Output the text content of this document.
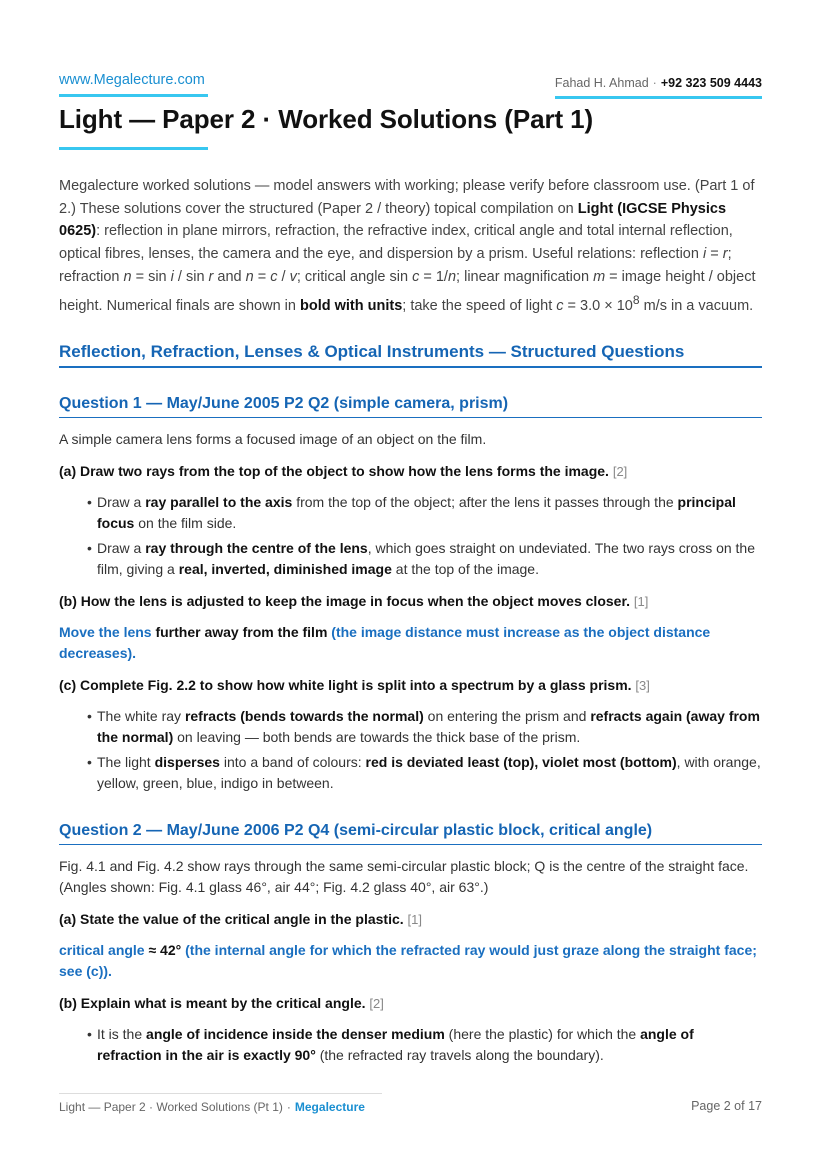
www.Megalecture.com	Fahad H. Ahmad · +92 323 509 4443
Light — Paper 2 · Worked Solutions (Part 1)

Megalecture worked solutions — model answers with working; please verify before classroom use. (Part 1 of 2.) These solutions cover the structured (Paper 2 / theory) topical compilation on Light (IGCSE Physics 0625): reflection in plane mirrors, refraction, the refractive index, critical angle and total internal reflection, optical fibres, lenses, the camera and the eye, and dispersion by a prism. Useful relations: reflection i = r; refraction n = sin i / sin r and n = c / v; critical angle sin c = 1/n; linear magnification m = image height / object height. Numerical finals are shown in bold with units; take the speed of light $c = 3.0 \times 10^8$ m/s in a vacuum.

Reflection, Refraction, Lenses & Optical Instruments — Structured Questions
Question 1 — May/June 2005 P2 Q2 (simple camera, prism)

A simple camera lens forms a focused image of an object on the film.

(a) Draw two rays from the top of the object to show how the lens forms the image. [2]

• Draw a ray parallel to the axis from the top of the object; after the lens it passes through the principal focus on the film side.
• Draw a ray through the centre of the lens, which goes straight on undeviated. The two rays cross on the film, giving a real, inverted, diminished image at the top of the image.

(b) How the lens is adjusted to keep the image in focus when the object moves closer. [1]

Move the lens further away from the film (the image distance must increase as the object distance decreases).

(c) Complete Fig. 2.2 to show how white light is split into a spectrum by a glass prism. [3]

• The white ray refracts (bends towards the normal) on entering the prism and refracts again (away from the normal) on leaving — both bends are towards the thick base of the prism.
• The light disperses into a band of colours: red is deviated least (top), violet most (bottom), with orange, yellow, green, blue, indigo in between.
Question 2 — May/June 2006 P2 Q4 (semi-circular plastic block, critical angle)

Fig. 4.1 and Fig. 4.2 show rays through the same semi-circular plastic block; Q is the centre of the straight face. (Angles shown: Fig. 4.1 glass 46°, air 44°; Fig. 4.2 glass 40°, air 63°.)

(a) State the value of the critical angle in the plastic. [1]

critical angle ≈ 42° (the internal angle for which the refracted ray would just graze along the straight face; see (c)).

(b) Explain what is meant by the critical angle. [2]

• It is the angle of incidence inside the denser medium (here the plastic) for which the angle of refraction in the air is exactly 90° (the refracted ray travels along the boundary).
Light — Paper 2 · Worked Solutions (Pt 1) · Megalecture	Page 2 of 17
